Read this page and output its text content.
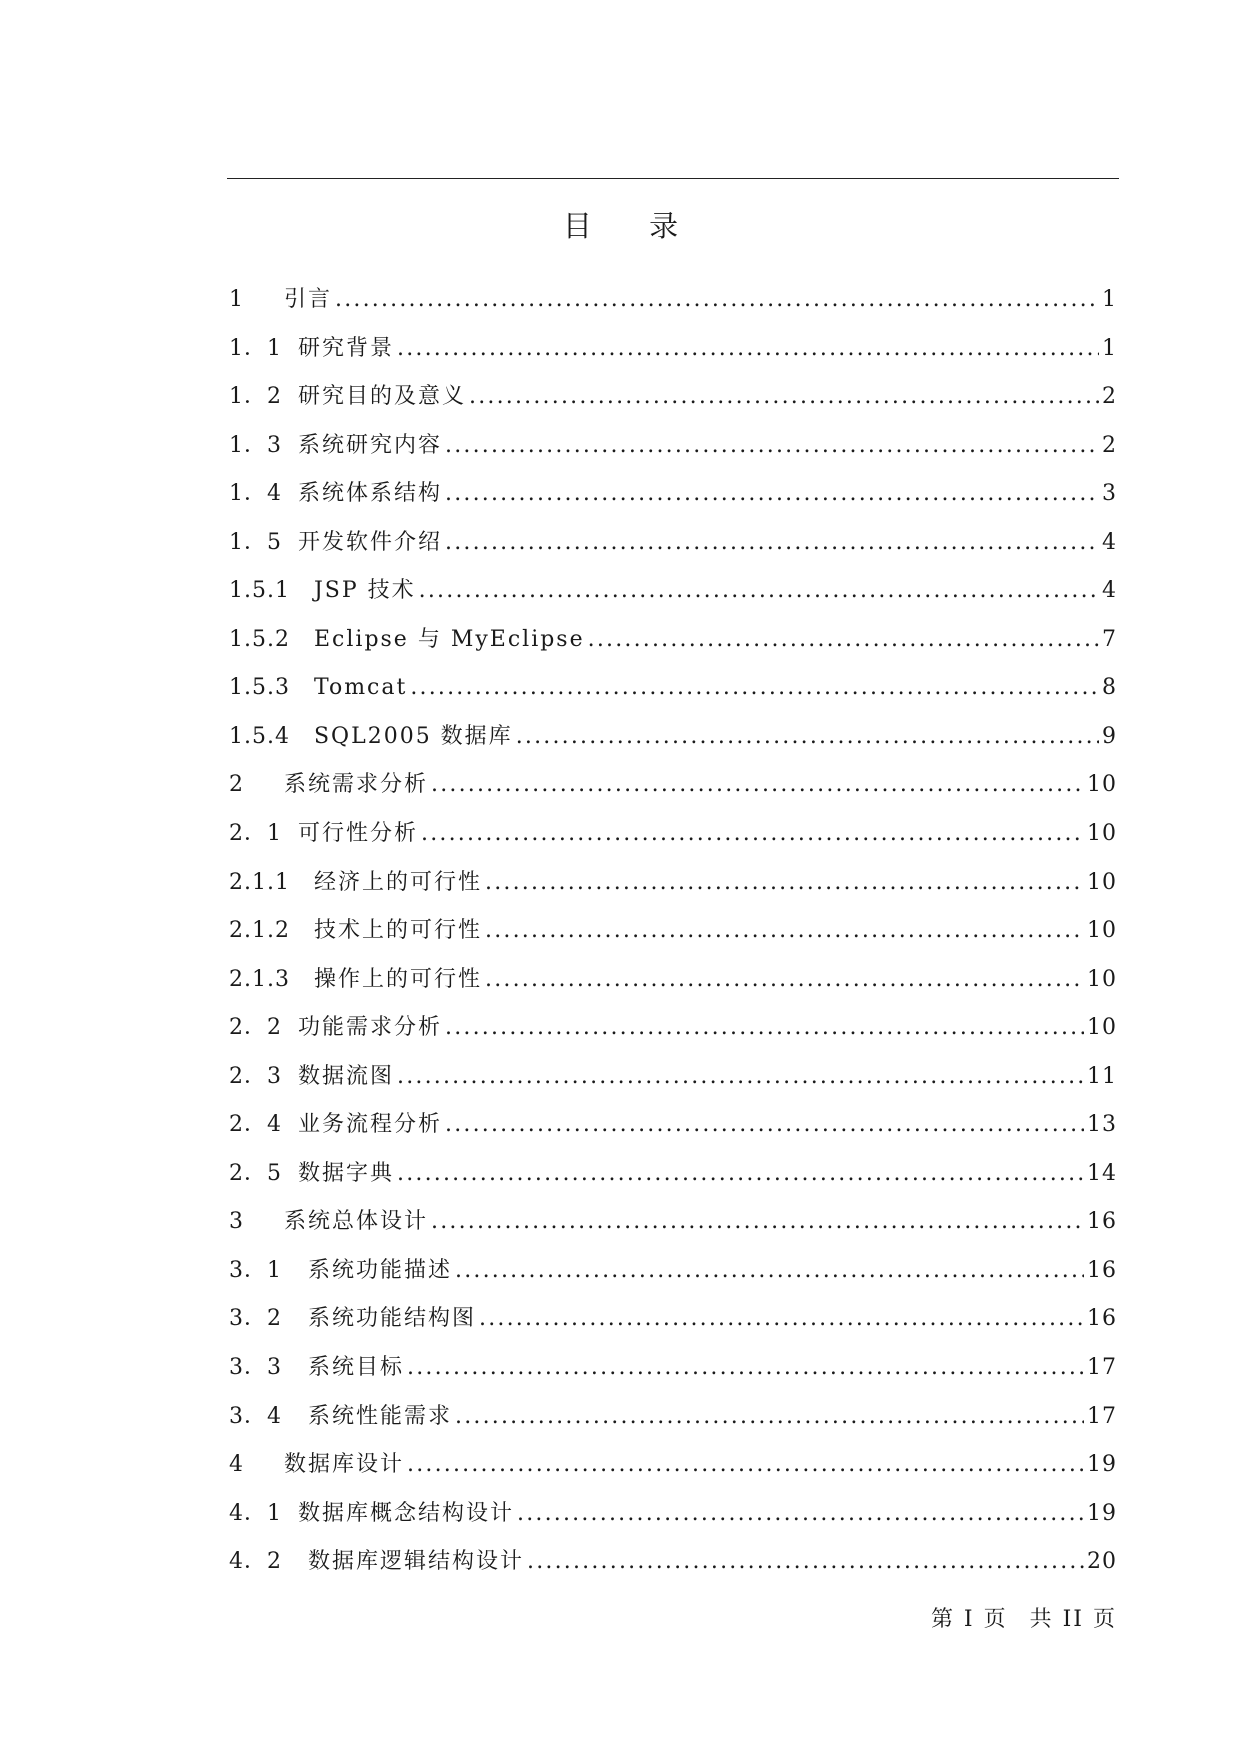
目 录
1 引言 .....	1
1．1 研究背景 .....	1
1．2 研究目的及意义 .....	2
1．3 系统研究内容 .....	2
1．4 系统体系结构 .....	3
1．5 开发软件介绍 .....	4
1.5.1 JSP 技术 .....	4
1.5.2 Eclipse 与 MyEclipse .....	7
1.5.3 Tomcat .....	8
1.5.4 SQL2005 数据库 .....	9
2 系统需求分析 .....	10
2．1 可行性分析 .....	10
2.1.1 经济上的可行性 .....	10
2.1.2 技术上的可行性 .....	10
2.1.3 操作上的可行性 .....	10
2．2 功能需求分析 .....	10
2．3 数据流图 .....	11
2．4 业务流程分析 .....	13
2．5 数据字典 .....	14
3 系统总体设计 .....	16
3．1 系统功能描述 .....	16
3．2 系统功能结构图 .....	16
3．3 系统目标 .....	17
3．4 系统性能需求 .....	17
4 数据库设计 .....	19
4．1 数据库概念结构设计 .....	19
4．2 数据库逻辑结构设计 .....	20
第 I 页 共 II 页
